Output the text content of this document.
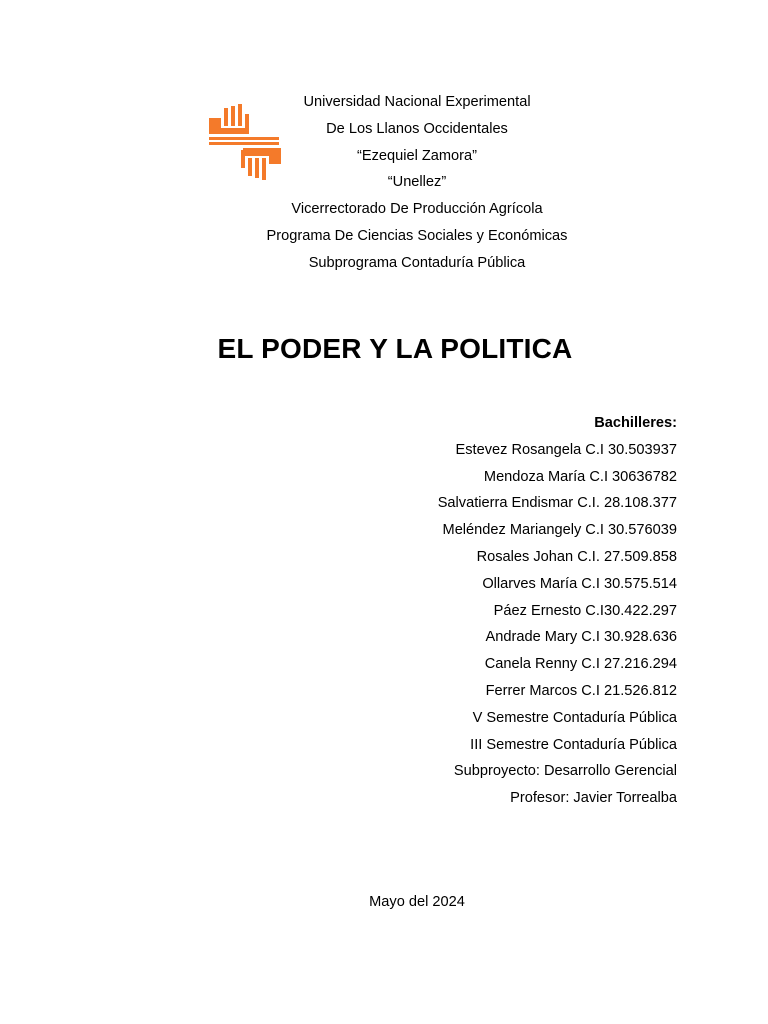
Universidad Nacional Experimental
De Los Llanos Occidentales
“Ezequiel Zamora”
“Unellez”
Vicerrectorado De Producción Agrícola
Programa De Ciencias Sociales y Económicas
Subprograma Contaduría Pública
EL PODER Y LA POLITICA
Bachilleres:
Estevez Rosangela C.I 30.503937
Mendoza María C.I 30636782
Salvatierra Endismar C.I. 28.108.377
Meléndez Mariangely C.I 30.576039
Rosales Johan C.I. 27.509.858
Ollarves María C.I 30.575.514
Páez Ernesto C.I30.422.297
Andrade Mary C.I 30.928.636
Canela Renny C.I 27.216.294
Ferrer Marcos C.I 21.526.812
V Semestre Contaduría Pública
III Semestre Contaduría Pública
Subproyecto: Desarrollo Gerencial
Profesor: Javier Torrealba
Mayo del 2024
